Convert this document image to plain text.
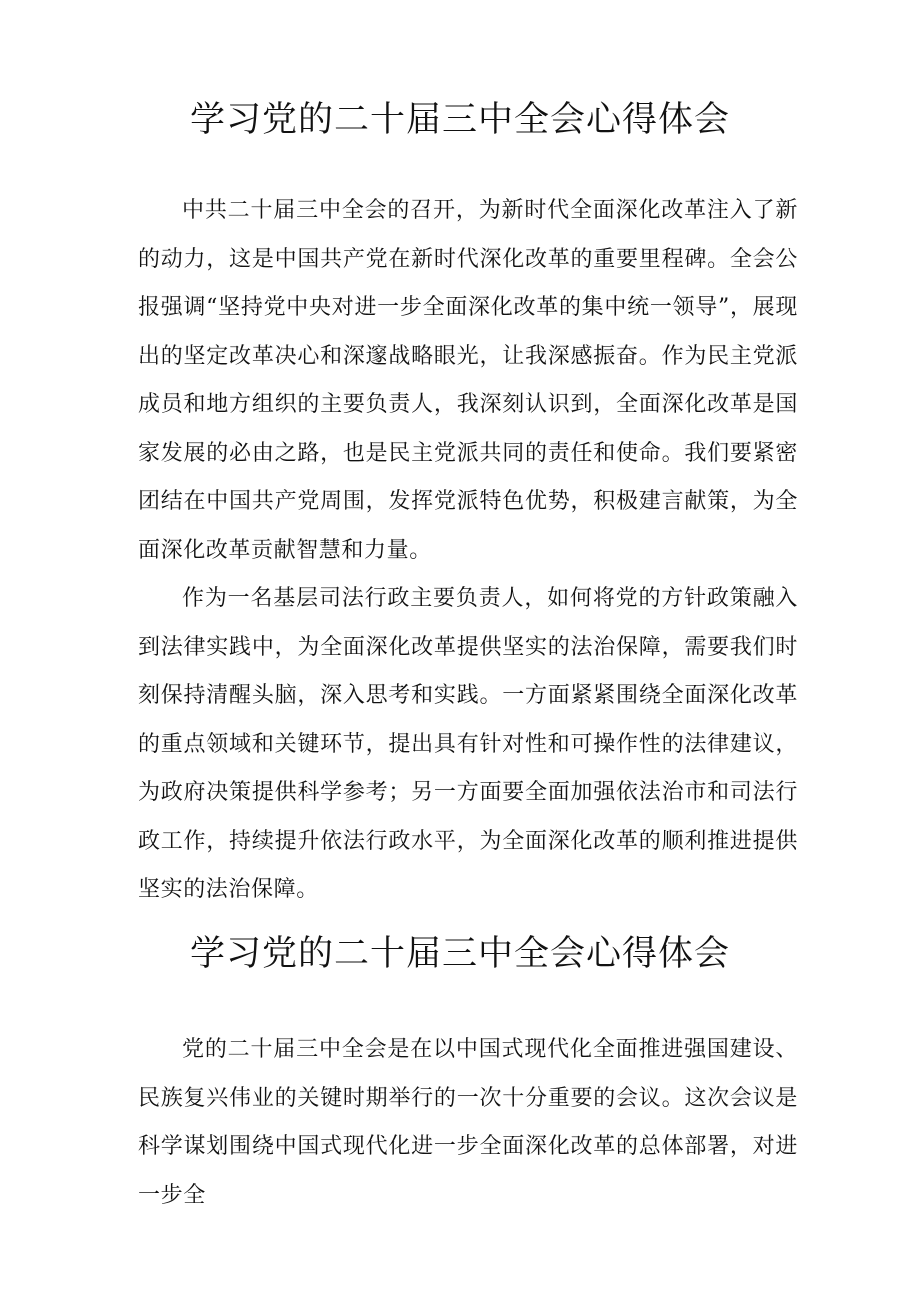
学习党的二十届三中全会心得体会

中共二十届三中全会的召开，为新时代全面深化改革注入了新的动力，这是中国共产党在新时代深化改革的重要里程碑。全会公报强调“坚持党中央对进一步全面深化改革的集中统一领导”，展现出的坚定改革决心和深邃战略眼光，让我深感振奋。作为民主党派成员和地方组织的主要负责人，我深刻认识到，全面深化改革是国家发展的必由之路，也是民主党派共同的责任和使命。我们要紧密团结在中国共产党周围，发挥党派特色优势，积极建言献策，为全面深化改革贡献智慧和力量。

作为一名基层司法行政主要负责人，如何将党的方针政策融入到法律实践中，为全面深化改革提供坚实的法治保障，需要我们时刻保持清醒头脑，深入思考和实践。一方面紧紧围绕全面深化改革的重点领域和关键环节，提出具有针对性和可操作性的法律建议，为政府决策提供科学参考；另一方面要全面加强依法治市和司法行政工作，持续提升依法行政水平，为全面深化改革的顺利推进提供坚实的法治保障。

学习党的二十届三中全会心得体会

党的二十届三中全会是在以中国式现代化全面推进强国建设、民族复兴伟业的关键时期举行的一次十分重要的会议。这次会议是科学谋划围绕中国式现代化进一步全面深化改革的总体部署，对进一步全
